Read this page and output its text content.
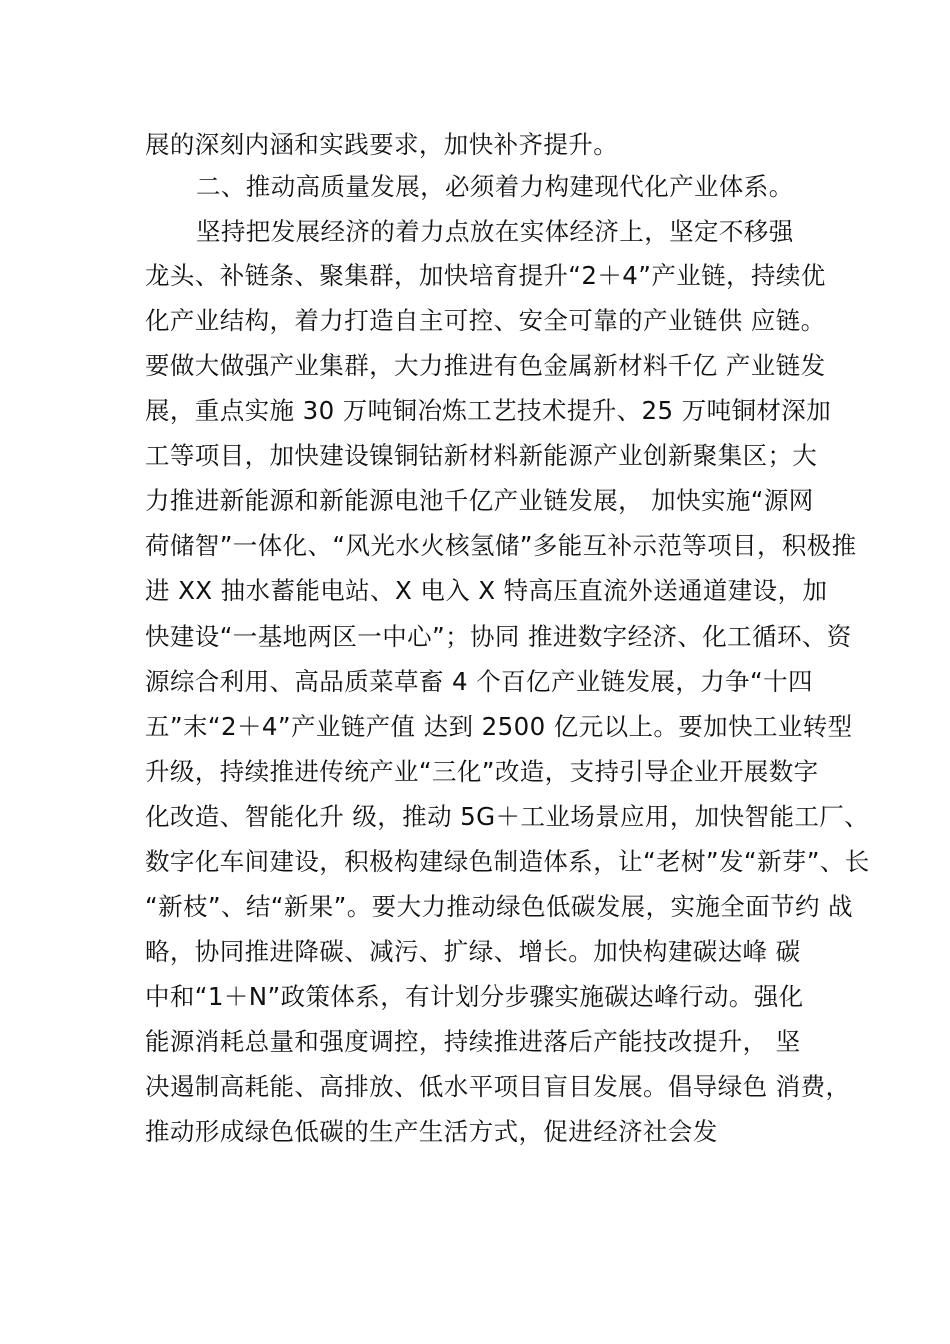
展的深刻内涵和实践要求，加快补齐提升。
二、推动高质量发展，必须着力构建现代化产业体系。
坚持把发展经济的着力点放在实体经济上，坚定不移强
龙头、补链条、聚集群，加快培育提升“2＋4”产业链，持续优
化产业结构，着力打造自主可控、安全可靠的产业链供 应链。
要做大做强产业集群，大力推进有色金属新材料千亿 产业链发
展，重点实施 30 万吨铜冶炼工艺技术提升、25 万吨铜材深加
工等项目，加快建设镍铜钴新材料新能源产业创新聚集区；大
力推进新能源和新能源电池千亿产业链发展， 加快实施“源网
荷储智”一体化、“风光水火核氢储”多能互补示范等项目，积极推
进 XX 抽水蓄能电站、X 电入 X 特高压直流外送通道建设，加
快建设“一基地两区一中心”；协同 推进数字经济、化工循环、资
源综合利用、高品质菜草畜 4 个百亿产业链发展，力争“十四
五”末“2＋4”产业链产值 达到 2500 亿元以上。要加快工业转型
升级，持续推进传统产业“三化”改造，支持引导企业开展数字
化改造、智能化升 级，推动 5G＋工业场景应用，加快智能工厂、
数字化车间建设，积极构建绿色制造体系，让“老树”发“新芽”、长
“新枝”、结“新果”。要大力推动绿色低碳发展，实施全面节约 战
略，协同推进降碳、减污、扩绿、增长。加快构建碳达峰 碳
中和“1＋N”政策体系，有计划分步骤实施碳达峰行动。强化
能源消耗总量和强度调控，持续推进落后产能技改提升， 坚
决遏制高耗能、高排放、低水平项目盲目发展。倡导绿色 消费，
推动形成绿色低碳的生产生活方式，促进经济社会发
